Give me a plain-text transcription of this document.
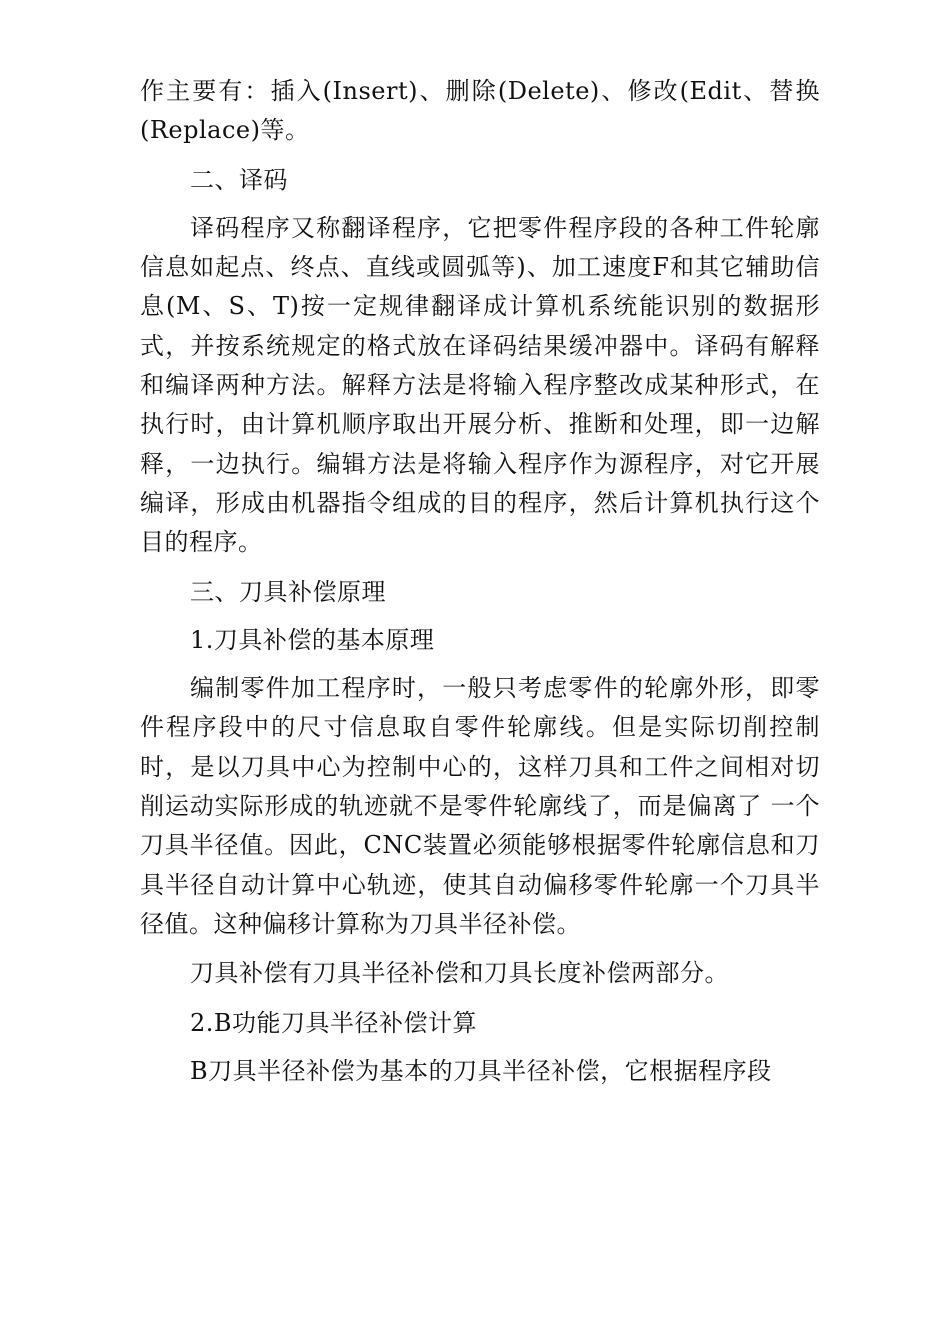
作主要有：插入(Insert)、删除(Delete)、修改(Edit、替换(Replace)等。

二、译码

译码程序又称翻译程序，它把零件程序段的各种工件轮廓信息如起点、终点、直线或圆弧等)、加工速度F和其它辅助信息(M、S、T)按一定规律翻译成计算机系统能识别的数据形式，并按系统规定的格式放在译码结果缓冲器中。译码有解释和编译两种方法。解释方法是将输入程序整改成某种形式，在执行时，由计算机顺序取出开展分析、推断和处理，即一边解释，一边执行。编辑方法是将输入程序作为源程序，对它开展编译，形成由机器指令组成的目的程序，然后计算机执行这个目的程序。

三、刀具补偿原理
1.刀具补偿的基本原理

编制零件加工程序时，一般只考虑零件的轮廓外形，即零件程序段中的尺寸信息取自零件轮廓线。但是实际切削控制时，是以刀具中心为控制中心的，这样刀具和工件之间相对切削运动实际形成的轨迹就不是零件轮廓线了，而是偏离了 一个刀具半径值。因此，CNC装置必须能够根据零件轮廓信息和刀具半径自动计算中心轨迹，使其自动偏移零件轮廓一个刀具半径值。这种偏移计算称为刀具半径补偿。

刀具补偿有刀具半径补偿和刀具长度补偿两部分。

2.B功能刀具半径补偿计算

B刀具半径补偿为基本的刀具半径补偿，它根据程序段
